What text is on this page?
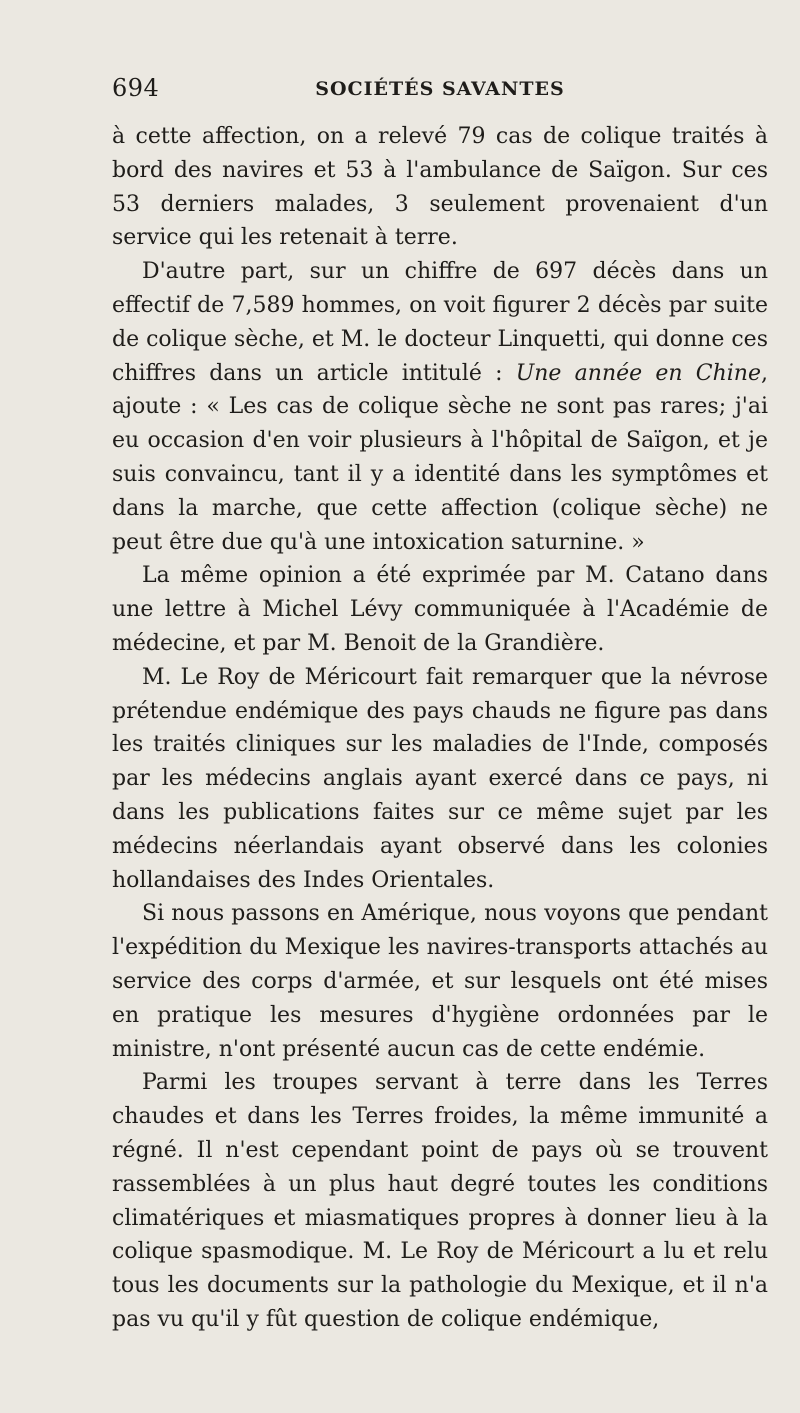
694	SOCIÉTÉS SAVANTES

à cette affection, on a relevé 79 cas de colique traités à bord des navires et 53 à l'ambulance de Saïgon. Sur ces 53 derniers malades, 3 seulement provenaient d'un service qui les retenait à terre.

D'autre part, sur un chiffre de 697 décès dans un effectif de 7,589 hommes, on voit figurer 2 décès par suite de colique sèche, et M. le docteur Linquetti, qui donne ces chiffres dans un article intitulé : Une année en Chine, ajoute : « Les cas de colique sèche ne sont pas rares; j'ai eu occasion d'en voir plusieurs à l'hôpital de Saïgon, et je suis convaincu, tant il y a identité dans les symptômes et dans la marche, que cette affection (colique sèche) ne peut être due qu'à une intoxication saturnine. »

La même opinion a été exprimée par M. Catano dans une lettre à Michel Lévy communiquée à l'Académie de médecine, et par M. Benoit de la Grandière.

M. Le Roy de Méricourt fait remarquer que la névrose prétendue endémique des pays chauds ne figure pas dans les traités cliniques sur les maladies de l'Inde, composés par les médecins anglais ayant exercé dans ce pays, ni dans les publications faites sur ce même sujet par les médecins néerlandais ayant observé dans les colonies hollandaises des Indes Orientales.

Si nous passons en Amérique, nous voyons que pendant l'expédition du Mexique les navires-transports attachés au service des corps d'armée, et sur lesquels ont été mises en pratique les mesures d'hygiène ordonnées par le ministre, n'ont présenté aucun cas de cette endémie.

Parmi les troupes servant à terre dans les Terres chaudes et dans les Terres froides, la même immunité a régné. Il n'est cependant point de pays où se trouvent rassemblées à un plus haut degré toutes les conditions climatériques et miasmatiques propres à donner lieu à la colique spasmodique. M. Le Roy de Méricourt a lu et relu tous les documents sur la pathologie du Mexique, et il n'a pas vu qu'il y fût question de colique endémique,
